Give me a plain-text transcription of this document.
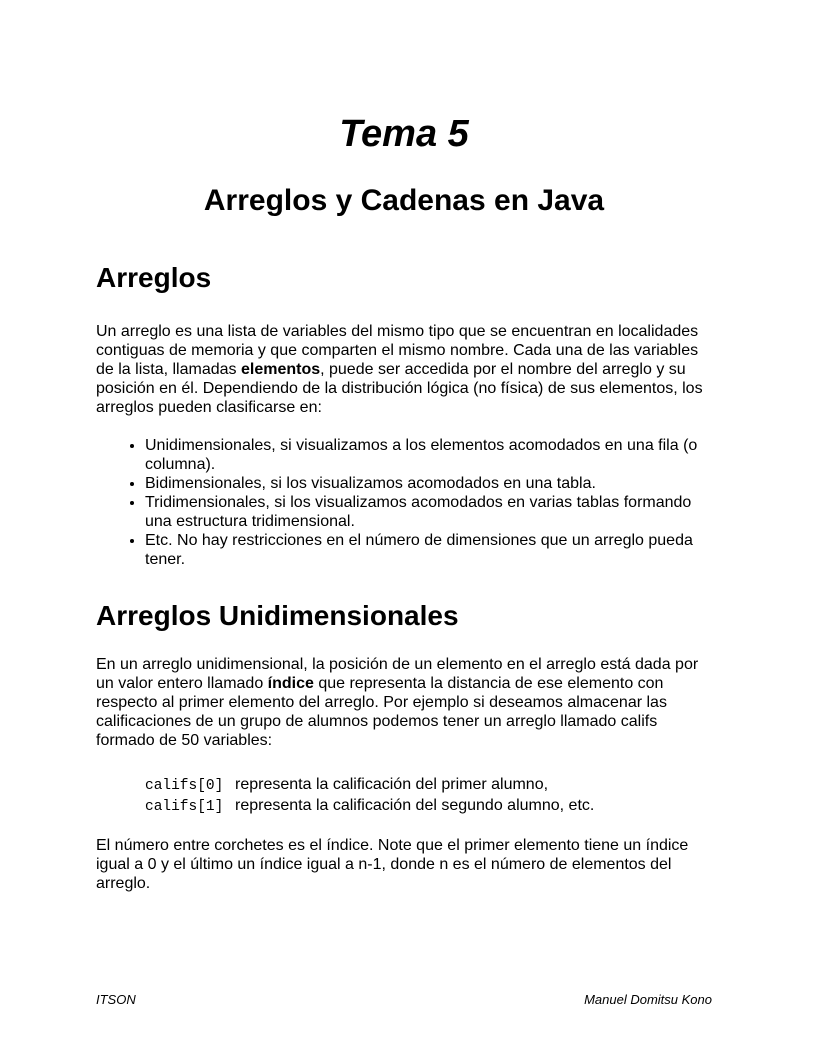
Tema 5
Arreglos y Cadenas en Java
Arreglos

Un arreglo es una lista de variables del mismo tipo que se encuentran en localidades contiguas de memoria y que comparten el mismo nombre. Cada una de las variables de la lista, llamadas elementos, puede ser accedida por el nombre del arreglo y su posición en él. Dependiendo de la distribución lógica (no física) de sus elementos, los arreglos pueden clasificarse en:

• Unidimensionales, si visualizamos a los elementos acomodados en una fila (o columna).
• Bidimensionales, si los visualizamos acomodados en una tabla.
• Tridimensionales, si los visualizamos acomodados en varias tablas formando una estructura tridimensional.
• Etc. No hay restricciones en el número de dimensiones que un arreglo pueda tener.
Arreglos Unidimensionales

En un arreglo unidimensional, la posición de un elemento en el arreglo está dada por un valor entero llamado índice que representa la distancia de ese elemento con respecto al primer elemento del arreglo. Por ejemplo si deseamos almacenar las calificaciones de un grupo de alumnos podemos tener un arreglo llamado califs formado de 50 variables:

califs[0] representa la calificación del primer alumno,
califs[1] representa la calificación del segundo alumno, etc.

El número entre corchetes es el índice. Note que el primer elemento tiene un índice igual a 0 y el último un índice igual a n-1, donde n es el número de elementos del arreglo.

ITSON	Manuel Domitsu Kono
